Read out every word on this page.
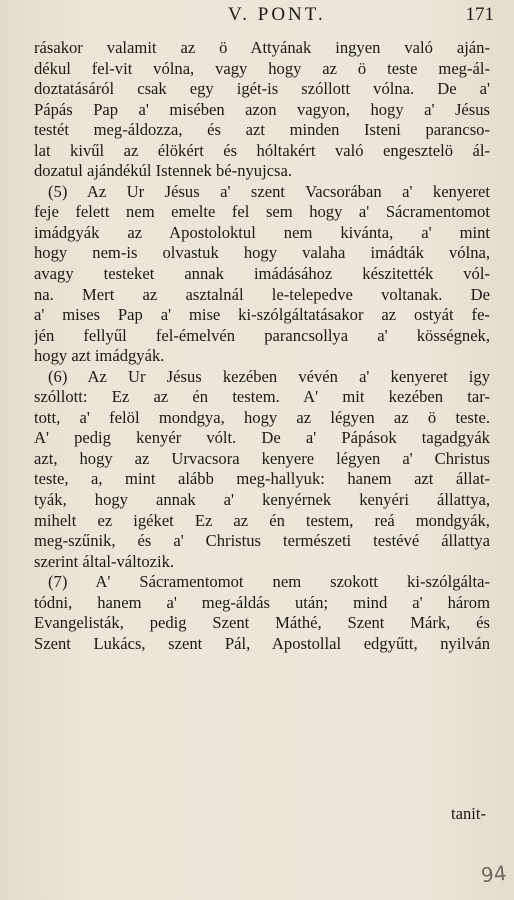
V. PONT.	171
rásakor valamit az ö Attyának ingyen való aján-
dékul fel-vit vólna, vagy hogy az ö teste meg-ál-
doztatásáról csak egy igét-is szóllott vólna. De a'
Pápás Pap a' misében azon vagyon, hogy a' Jésus
testét meg-áldozza, és azt minden Isteni parancso-
lat kivűl az élökért és hóltakért való engesztelö ál-
dozatul ajándékúl Istennek bé-nyujcsa.
(5) Az Ur Jésus a' szent Vacsorában a' kenyeret
feje felett nem emelte fel sem hogy a' Sácramentomot
imádgyák az Apostoloktul nem kivánta, a' mint
hogy nem-is olvastuk hogy valaha imádták vólna,
avagy testeket annak imádásához készitették vól-
na. Mert az asztalnál le-telepedve voltanak. De
a' mises Pap a' mise ki-szólgáltatásakor az ostyát fe-
jén fellyűl fel-émelvén parancsollya a' kösségnek,
hogy azt imádgyák.
(6) Az Ur Jésus kezében vévén a' kenyeret igy
szóllott: Ez az én testem. A' mit kezében tar-
tott, a' felöl mondgya, hogy az légyen az ö teste.
A' pedig kenyér vólt. De a' Pápások tagadgyák
azt, hogy az Urvacsora kenyere légyen a' Christus
teste, a, mint alább meg-hallyuk: hanem azt állat-
tyák, hogy annak a' kenyérnek kenyéri állattya,
mihelt ez igéket Ez az én testem, reá mondgyák,
meg-szűnik, és a' Christus természeti testévé állattya
szerint által-változik.
(7) A' Sácramentomot nem szokott ki-szólgálta-
tódni, hanem a' meg-áldás után; mind a' három
Evangelisták, pedig Szent Máthé, Szent Márk, és
Szent Lukács, szent Pál, Apostollal edgyűtt, nyilván
tanit-
94
